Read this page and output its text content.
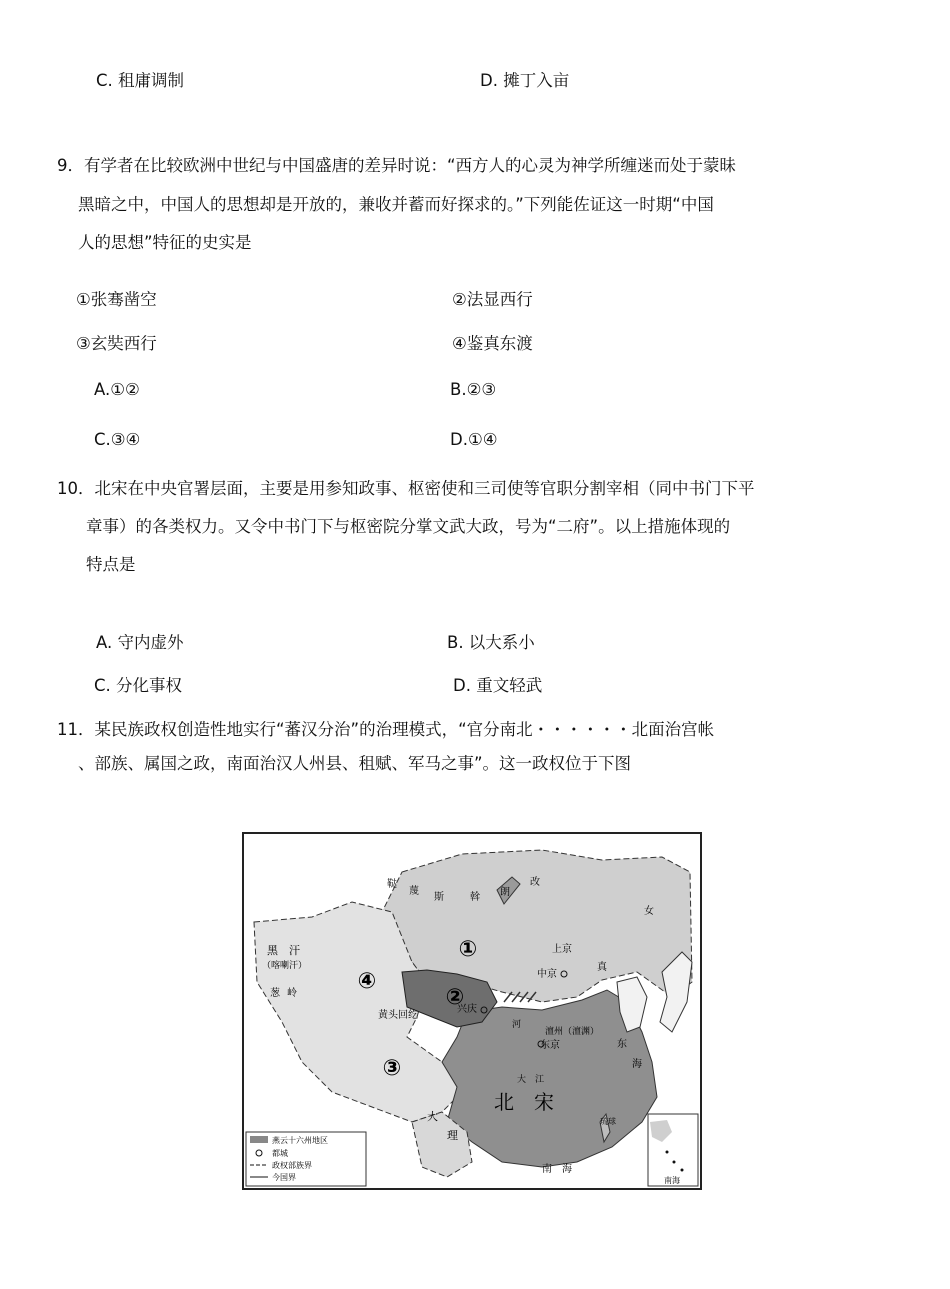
C. 租庸调制	D. 摊丁入亩
9．有学者在比较欧洲中世纪与中国盛唐的差异时说：“西方人的心灵为神学所缠迷而处于蒙昧
黑暗之中，中国人的思想却是开放的，兼收并蓄而好探求的。”下列能佐证这一时期“中国
人的思想”特征的史实是
①张骞凿空	②法显西行
③玄奘西行	④鉴真东渡
A.①②	B.②③
C.③④	D.①④
10．北宋在中央官署层面，主要是用参知政事、枢密使和三司使等官职分割宰相（同中书门下平
章事）的各类权力。又令中书门下与枢密院分掌文武大政，号为“二府”。以上措施体现的
特点是
A. 守内虚外	B. 以大系小
C. 分化事权	D. 重文轻武
11．某民族政权创造性地实行“蕃汉分治”的治理模式，“官分南北・・・・・・北面治宫帐
、部族、属国之政，南面治汉人州县、租赋、军马之事”。这一政权位于下图
①
②
③
④
鞑
蔑
斯	斡 朗
改
女
真
黑　汗
（喀喇汗）
葱 岭
上京
中京
兴庆
黄头回纥
澶州（澶渊）
东京
河
大　江
北　宋
大
理
东
海
琉球
南　海
燕云十六州地区
都城
政权部族界
今国界	南海
